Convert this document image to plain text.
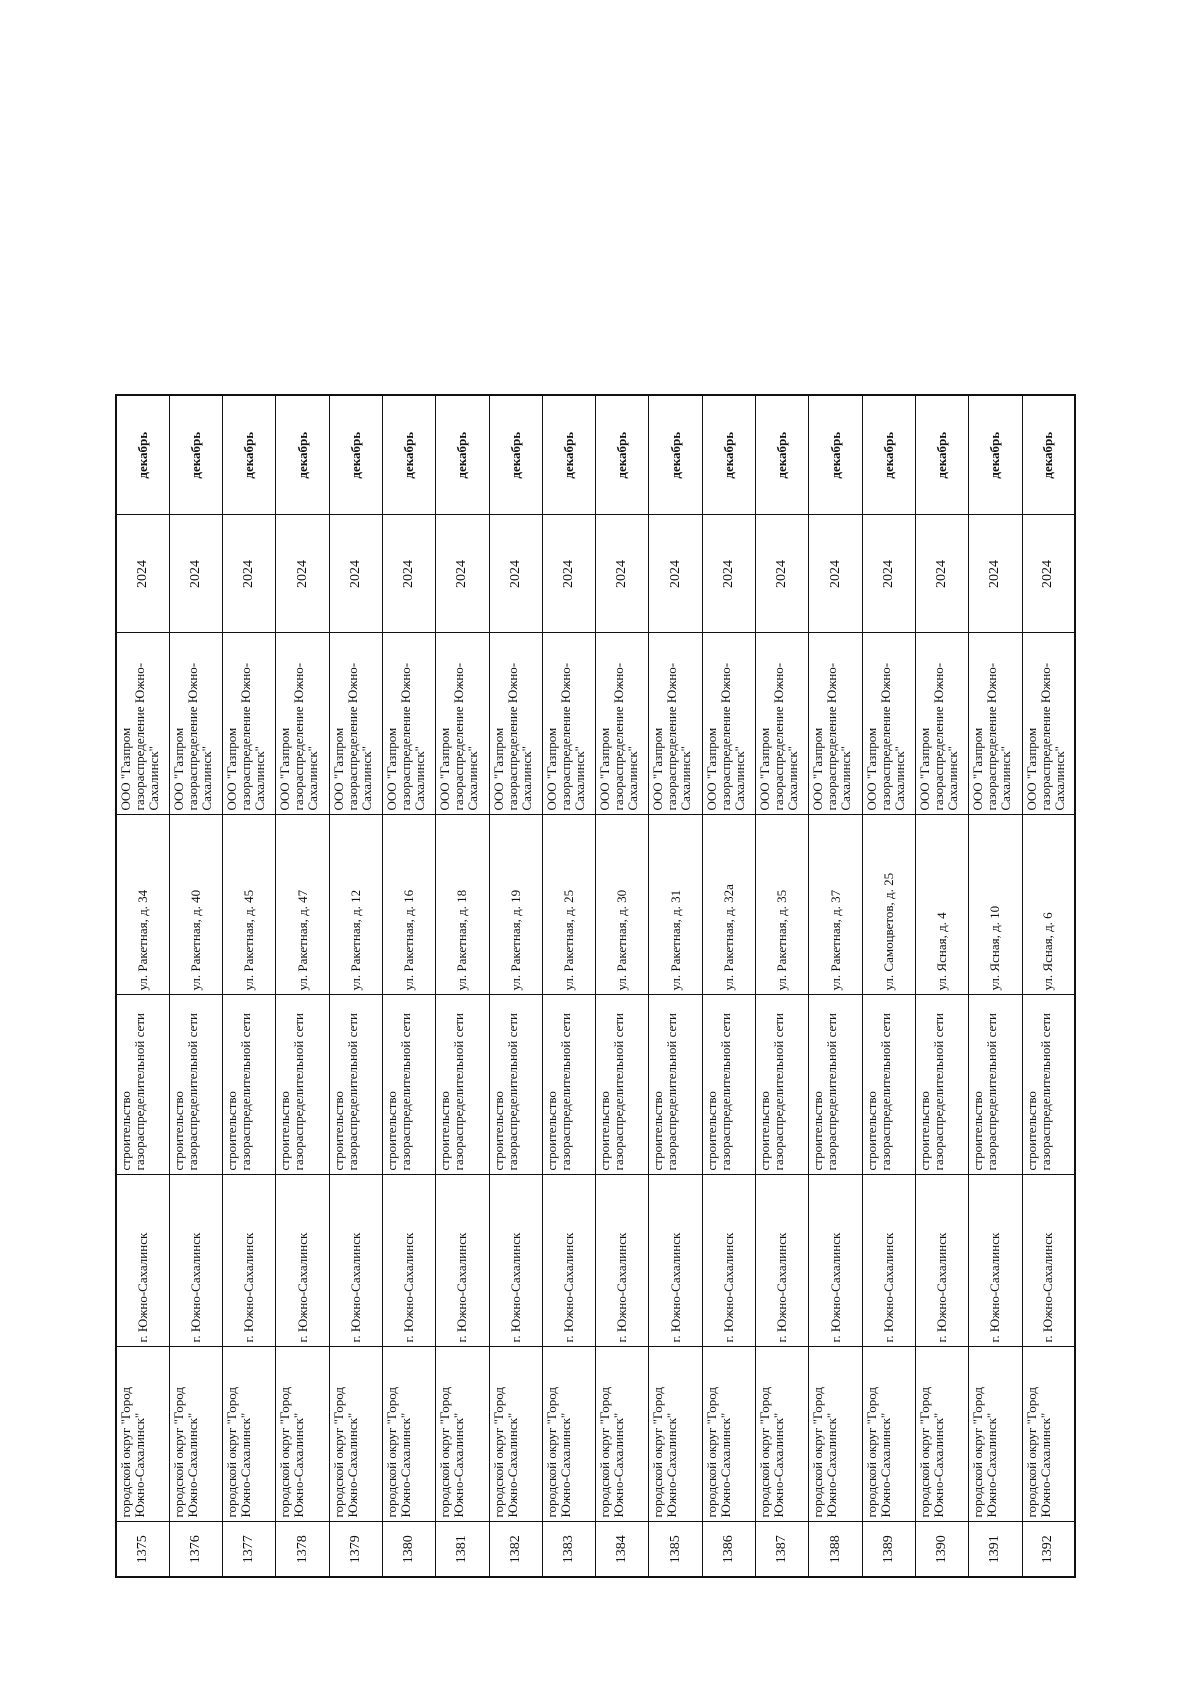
1375	городской округ "Город Южно-Сахалинск"	г. Южно-Сахалинск	строительство газораспределительной сети	ул. Ракетная, д. 34	ООО "Газпром газораспределение Южно-Сахалинск"	2024	декабрь
1376	городской округ "Город Южно-Сахалинск"	г. Южно-Сахалинск	строительство газораспределительной сети	ул. Ракетная, д. 40	ООО "Газпром газораспределение Южно-Сахалинск"	2024	декабрь
1377	городской округ "Город Южно-Сахалинск"	г. Южно-Сахалинск	строительство газораспределительной сети	ул. Ракетная, д. 45	ООО "Газпром газораспределение Южно-Сахалинск"	2024	декабрь
1378	городской округ "Город Южно-Сахалинск"	г. Южно-Сахалинск	строительство газораспределительной сети	ул. Ракетная, д. 47	ООО "Газпром газораспределение Южно-Сахалинск"	2024	декабрь
1379	городской округ "Город Южно-Сахалинск"	г. Южно-Сахалинск	строительство газораспределительной сети	ул. Ракетная, д. 12	ООО "Газпром газораспределение Южно-Сахалинск"	2024	декабрь
1380	городской округ "Город Южно-Сахалинск"	г. Южно-Сахалинск	строительство газораспределительной сети	ул. Ракетная, д. 16	ООО "Газпром газораспределение Южно-Сахалинск"	2024	декабрь
1381	городской округ "Город Южно-Сахалинск"	г. Южно-Сахалинск	строительство газораспределительной сети	ул. Ракетная, д. 18	ООО "Газпром газораспределение Южно-Сахалинск"	2024	декабрь
1382	городской округ "Город Южно-Сахалинск"	г. Южно-Сахалинск	строительство газораспределительной сети	ул. Ракетная, д. 19	ООО "Газпром газораспределение Южно-Сахалинск"	2024	декабрь
1383	городской округ "Город Южно-Сахалинск"	г. Южно-Сахалинск	строительство газораспределительной сети	ул. Ракетная, д. 25	ООО "Газпром газораспределение Южно-Сахалинск"	2024	декабрь
1384	городской округ "Город Южно-Сахалинск"	г. Южно-Сахалинск	строительство газораспределительной сети	ул. Ракетная, д. 30	ООО "Газпром газораспределение Южно-Сахалинск"	2024	декабрь
1385	городской округ "Город Южно-Сахалинск"	г. Южно-Сахалинск	строительство газораспределительной сети	ул. Ракетная, д. 31	ООО "Газпром газораспределение Южно-Сахалинск"	2024	декабрь
1386	городской округ "Город Южно-Сахалинск"	г. Южно-Сахалинск	строительство газораспределительной сети	ул. Ракетная, д. 32а	ООО "Газпром газораспределение Южно-Сахалинск"	2024	декабрь
1387	городской округ "Город Южно-Сахалинск"	г. Южно-Сахалинск	строительство газораспределительной сети	ул. Ракетная, д. 35	ООО "Газпром газораспределение Южно-Сахалинск"	2024	декабрь
1388	городской округ "Город Южно-Сахалинск"	г. Южно-Сахалинск	строительство газораспределительной сети	ул. Ракетная, д. 37	ООО "Газпром газораспределение Южно-Сахалинск"	2024	декабрь
1389	городской округ "Город Южно-Сахалинск"	г. Южно-Сахалинск	строительство газораспределительной сети	ул. Самоцветов, д. 25	ООО "Газпром газораспределение Южно-Сахалинск"	2024	декабрь
1390	городской округ "Город Южно-Сахалинск"	г. Южно-Сахалинск	строительство газораспределительной сети	ул. Ясная, д. 4	ООО "Газпром газораспределение Южно-Сахалинск"	2024	декабрь
1391	городской округ "Город Южно-Сахалинск"	г. Южно-Сахалинск	строительство газораспределительной сети	ул. Ясная, д. 10	ООО "Газпром газораспределение Южно-Сахалинск"	2024	декабрь
1392	городской округ "Город Южно-Сахалинск"	г. Южно-Сахалинск	строительство газораспределительной сети	ул. Ясная, д. 6	ООО "Газпром газораспределение Южно-Сахалинск"	2024	декабрь
